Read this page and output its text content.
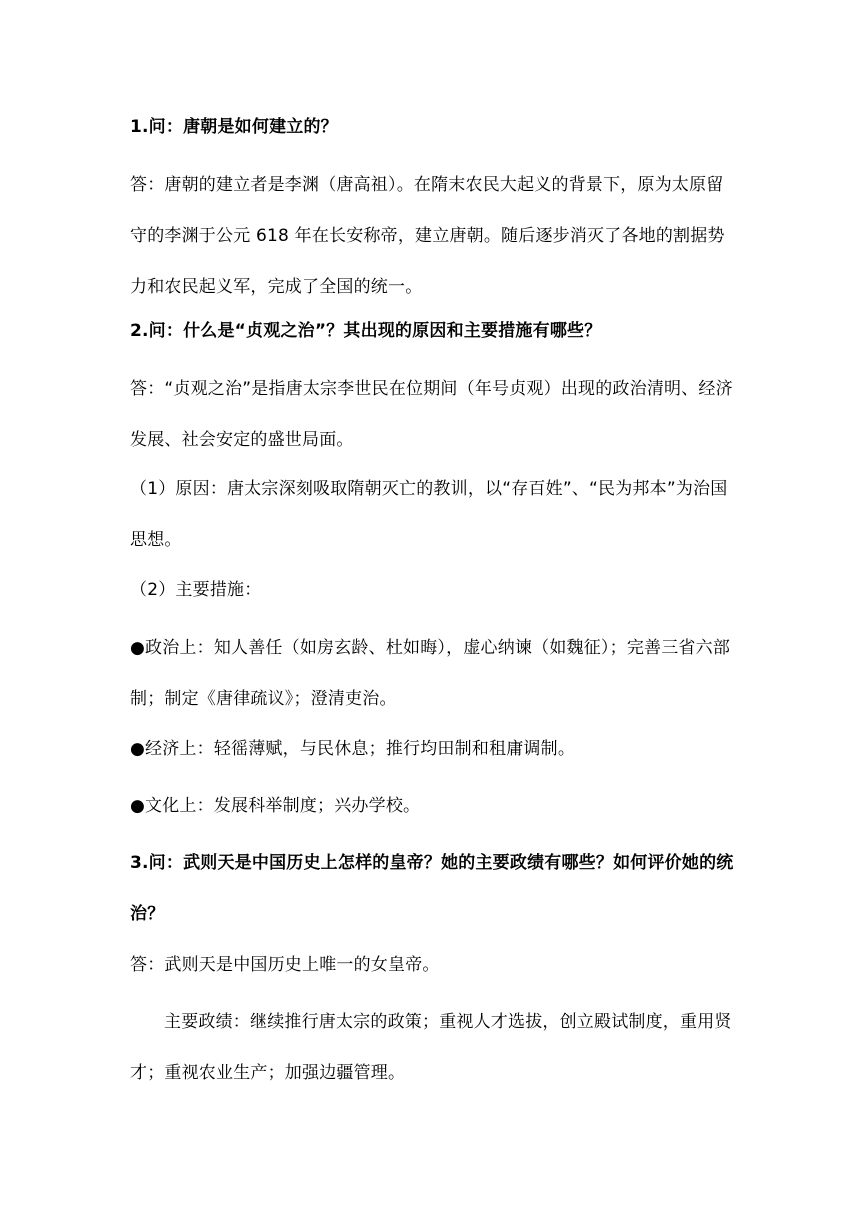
1.问：唐朝是如何建立的？

答：唐朝的建立者是李渊（唐高祖）。在隋末农民大起义的背景下，原为太原留守的李渊于公元 618 年在长安称帝，建立唐朝。随后逐步消灭了各地的割据势力和农民起义军，完成了全国的统一。

2.问：什么是“贞观之治”？其出现的原因和主要措施有哪些？

答：“贞观之治”是指唐太宗李世民在位期间（年号贞观）出现的政治清明、经济发展、社会安定的盛世局面。

（1）原因：唐太宗深刻吸取隋朝灭亡的教训，以“存百姓”、“民为邦本”为治国思想。

（2）主要措施：

●政治上：知人善任（如房玄龄、杜如晦），虚心纳谏（如魏征）；完善三省六部制；制定《唐律疏议》；澄清吏治。

●经济上：轻徭薄赋，与民休息；推行均田制和租庸调制。

●文化上：发展科举制度；兴办学校。

3.问：武则天是中国历史上怎样的皇帝？她的主要政绩有哪些？如何评价她的统治？

答：武则天是中国历史上唯一的女皇帝。

主要政绩：继续推行唐太宗的政策；重视人才选拔，创立殿试制度，重用贤才；重视农业生产；加强边疆管理。
